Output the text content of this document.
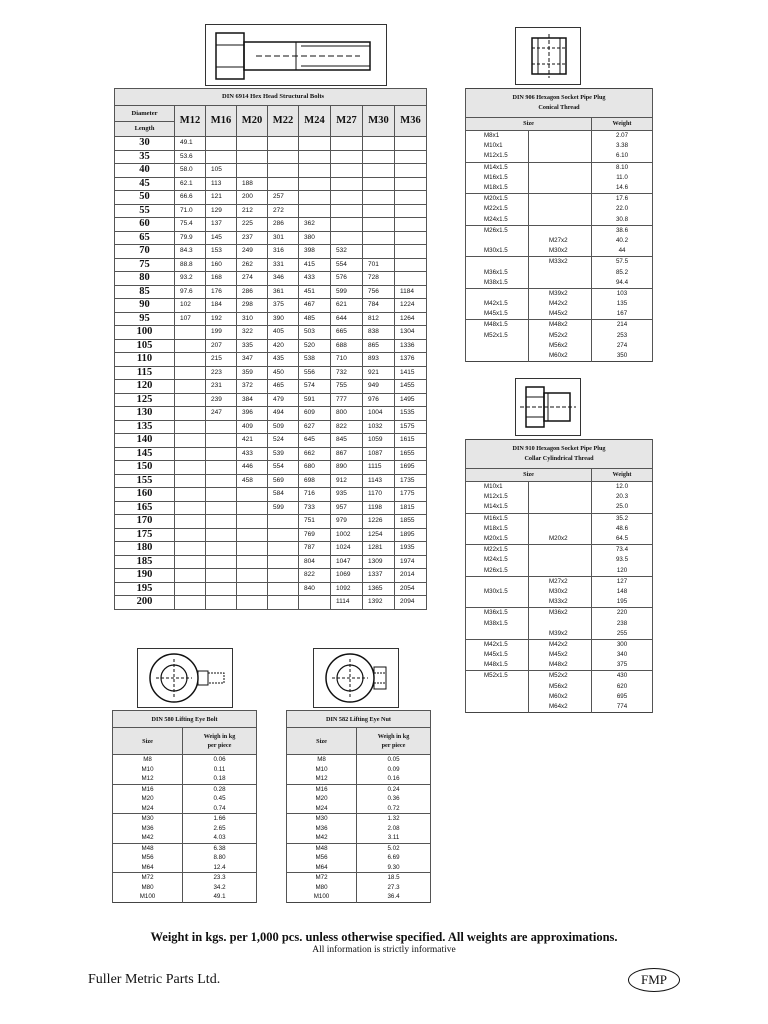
DIN 6914 Hex Head Structural Bolts								

Diameter
Length	M12	M16	M20	M22	M24	M27	M30	M36
30	49.1							
35	53.6							
40	58.0	105						
45	62.1	113	188					
50	66.6	121	200	257				
55	71.0	129	212	272				
60	75.4	137	225	286	362			
65	79.9	145	237	301	380			
70	84.3	153	249	316	398	532		
75	88.8	160	262	331	415	554	701	
80	93.2	168	274	346	433	576	728	
85	97.6	176	286	361	451	599	756	1184
90	102	184	298	375	467	621	784	1224
95	107	192	310	390	485	644	812	1264
100		199	322	405	503	665	838	1304
105		207	335	420	520	688	865	1336
110		215	347	435	538	710	893	1376
115		223	359	450	556	732	921	1415
120		231	372	465	574	755	949	1455
125		239	384	479	591	777	976	1495
130		247	396	494	609	800	1004	1535
135			409	509	627	822	1032	1575
140			421	524	645	845	1059	1615
145			433	539	662	867	1087	1655
150			446	554	680	890	1115	1695
155			458	569	698	912	1143	1735
160				584	716	935	1170	1775
165				599	733	957	1198	1815
170					751	979	1226	1855
175					769	1002	1254	1895
180					787	1024	1281	1935
185					804	1047	1309	1974
190					822	1069	1337	2014
195					840	1092	1365	2054
200						1114	1392	2094
DIN 906 Hexagon Socket Pipe Plug
Conical Thread		

Size		Weight
M8x1		2.07
M10x1		3.38
M12x1.5		6.10
M14x1.5		8.10
M16x1.5		11.0
M18x1.5		14.6
M20x1.5		17.6
M22x1.5		22.0
M24x1.5		30.8
M26x1.5		38.6
	M27x2	40.2
M30x1.5	M30x2	44
	M33x2	57.5
M36x1.5		85.2
M38x1.5		94.4
	M39x2	103
M42x1.5	M42x2	135
M45x1.5	M45x2	167
M48x1.5	M48x2	214
M52x1.5	M52x2	253
	M56x2	274
	M60x2	350
DIN 910 Hexagon Socket Pipe Plug
Collar Cylindrical Thread		

Size		Weight
M10x1		12.0
M12x1.5		20.3
M14x1.5		25.0
M16x1.5		35.2
M18x1.5		48.6
M20x1.5	M20x2	64.5
M22x1.5		73.4
M24x1.5		93.5
M26x1.5		120
	M27x2	127
M30x1.5	M30x2	148
	M33x2	195
M36x1.5	M36x2	220
M38x1.5		238
	M39x2	255
M42x1.5	M42x2	300
M45x1.5	M45x2	340
M48x1.5	M48x2	375
M52x1.5	M52x2	430
	M56x2	620
	M60x2	695
	M64x2	774
DIN 580 Lifting Eye Bolt	
Size	Weigh in kg
per piece

M8	0.06
M10	0.11
M12	0.18
M16	0.28
M20	0.45
M24	0.74
M30	1.66
M36	2.65
M42	4.03
M48	6.38
M56	8.80
M64	12.4
M72	23.3
M80	34.2
M100	49.1
DIN 582 Lifting Eye Nut	
Size	Weigh in kg
per piece

M8	0.05
M10	0.09
M12	0.16
M16	0.24
M20	0.36
M24	0.72
M30	1.32
M36	2.08
M42	3.11
M48	5.02
M56	6.69
M64	9.30
M72	18.5
M80	27.3
M100	36.4
Weight in kgs. per 1,000 pcs. unless otherwise specified. All weights are approximations.
All information is strictly informative
Fuller Metric Parts Ltd.	FMP
